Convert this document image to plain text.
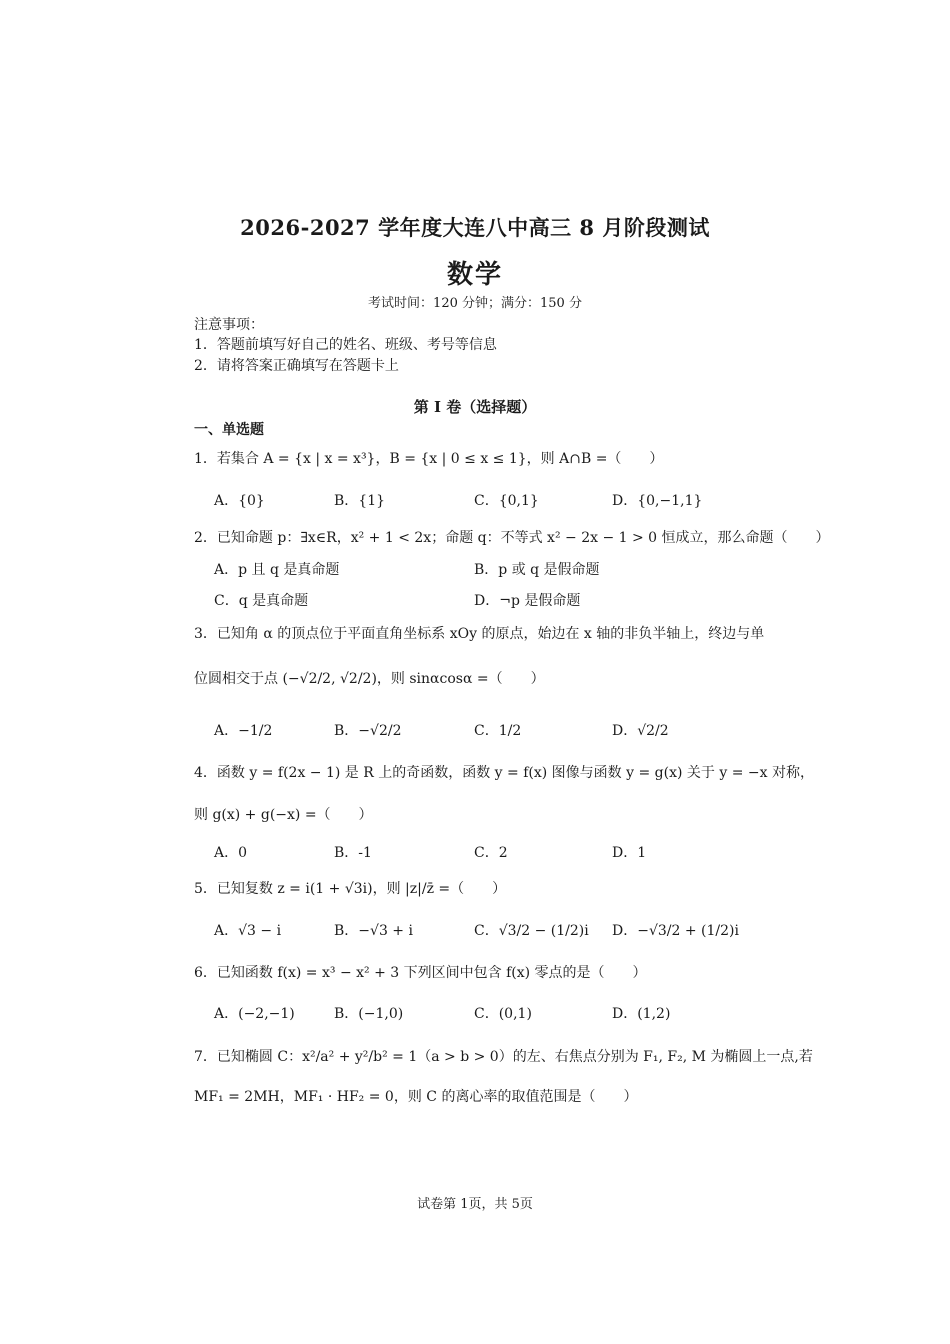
2026-2027 学年度大连八中高三 8 月阶段测试
数学
考试时间：120 分钟；满分：150 分
注意事项：
1．答题前填写好自己的姓名、班级、考号等信息
2．请将答案正确填写在答题卡上
第 I 卷（选择题）
一、单选题
1．若集合 A = {x | x = x³}，B = {x | 0 ≤ x ≤ 1}，则 A∩B =（　　）
A．{0}	B．{1}	C．{0,1}	D．{0,−1,1}
2．已知命题 p：∃x∈R，x² + 1 < 2x；命题 q：不等式 x² − 2x − 1 > 0 恒成立，那么命题（　　）
A．p 且 q 是真命题	B．p 或 q 是假命题
C．q 是真命题	D．¬p 是假命题
3．已知角 α 的顶点位于平面直角坐标系 xOy 的原点，始边在 x 轴的非负半轴上，终边与单
位圆相交于点 (−√2/2, √2/2)，则 sinαcosα =（　　）
A．−1/2	B．−√2/2	C．1/2	D．√2/2
4．函数 y = f(2x − 1) 是 R 上的奇函数，函数 y = f(x) 图像与函数 y = g(x) 关于 y = −x 对称，
则 g(x) + g(−x) =（　　）
A．0	B．-1	C．2	D．1
5．已知复数 z = i(1 + √3i)，则 |z|/z̄ =（　　）
A．√3 − i	B．−√3 + i	C．√3/2 − (1/2)i D．−√3/2 + (1/2)i
6．已知函数 f(x) = x³ − x² + 3 下列区间中包含 f(x) 零点的是（　　）
A．(−2,−1)	B．(−1,0)	C．(0,1)	D．(1,2)
7．已知椭圆 C：x²/a² + y²/b² = 1（a > b > 0）的左、右焦点分别为 F₁, F₂, M 为椭圆上一点,若
MF₁ = 2MH，MF₁ · HF₂ = 0，则 C 的离心率的取值范围是（　　）
试卷第 1页，共 5页
